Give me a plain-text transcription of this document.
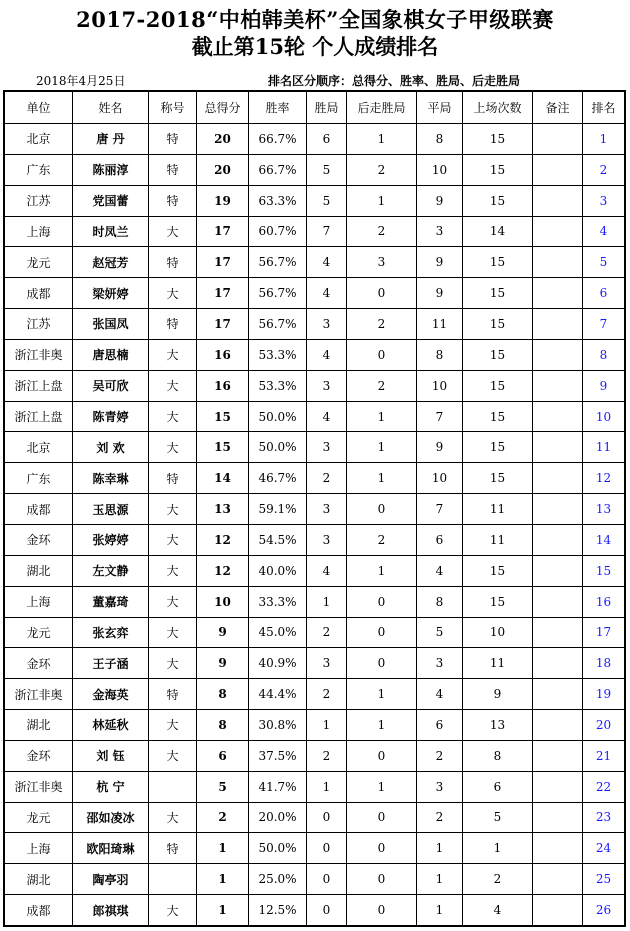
2017-2018“中柏韩美杯”全国象棋女子甲级联赛
截止第15轮 个人成绩排名
2018年4月25日	排名区分顺序：总得分、胜率、胜局、后走胜局
单位	姓名	称号	总得分	胜率	胜局	后走胜局	平局	上场次数	备注	排名
北京	唐 丹	特	20	66.7%	6	1	8	15		1
广东	陈丽淳	特	20	66.7%	5	2	10	15		2
江苏	党国蕾	特	19	63.3%	5	1	9	15		3
上海	时凤兰	大	17	60.7%	7	2	3	14		4
龙元	赵冠芳	特	17	56.7%	4	3	9	15		5
成都	梁妍婷	大	17	56.7%	4	0	9	15		6
江苏	张国凤	特	17	56.7%	3	2	11	15		7
浙江非奥	唐思楠	大	16	53.3%	4	0	8	15		8
浙江上盘	吴可欣	大	16	53.3%	3	2	10	15		9
浙江上盘	陈青婷	大	15	50.0%	4	1	7	15		10
北京	刘 欢	大	15	50.0%	3	1	9	15		11
广东	陈幸琳	特	14	46.7%	2	1	10	15		12
成都	玉思源	大	13	59.1%	3	0	7	11		13
金环	张婷婷	大	12	54.5%	3	2	6	11		14
湖北	左文静	大	12	40.0%	4	1	4	15		15
上海	董嘉琦	大	10	33.3%	1	0	8	15		16
龙元	张玄弈	大	9	45.0%	2	0	5	10		17
金环	王子涵	大	9	40.9%	3	0	3	11		18
浙江非奥	金海英	特	8	44.4%	2	1	4	9		19
湖北	林延秋	大	8	30.8%	1	1	6	13		20
金环	刘 钰	大	6	37.5%	2	0	2	8		21
浙江非奥	杭 宁		5	41.7%	1	1	3	6		22
龙元	邵如凌冰	大	2	20.0%	0	0	2	5		23
上海	欧阳琦琳	特	1	50.0%	0	0	1	1		24
湖北	陶亭羽		1	25.0%	0	0	1	2		25
成都	郎祺琪	大	1	12.5%	0	0	1	4		26
